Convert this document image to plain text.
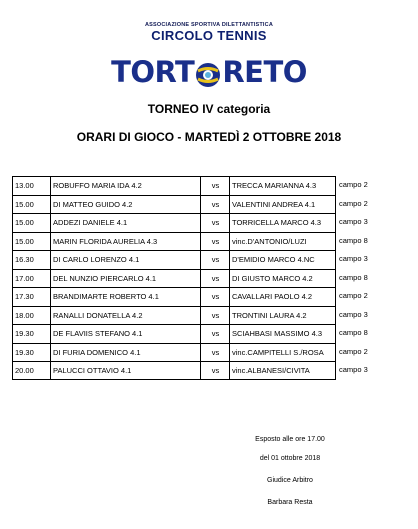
ASSOCIAZIONE SPORTIVA DILETTANTISTICA
CIRCOLO TENNIS
TORT RETO
TORNEO IV categoria
ORARI DI GIOCO - MARTEDÌ 2 OTTOBRE 2018
13.00	ROBUFFO MARIA IDA 4.2	vs	TRECCA MARIANNA 4.3	campo 2
15.00	DI MATTEO GUIDO 4.2	vs	VALENTINI ANDREA 4.1	campo 2
15.00	ADDEZI DANIELE 4.1	vs	TORRICELLA MARCO 4.3	campo 3
15.00	MARIN FLORIDA AURELIA 4.3	vs	vinc.D'ANTONIO/LUZI	campo 8
16.30	DI CARLO LORENZO 4.1	vs	D'EMIDIO MARCO 4.NC	campo 3
17.00	DEL NUNZIO PIERCARLO 4.1	vs	DI GIUSTO MARCO 4.2	campo 8
17.30	BRANDIMARTE ROBERTO 4.1	vs	CAVALLARI PAOLO 4.2	campo 2
18.00	RANALLI DONATELLA 4.2	vs	TRONTINI LAURA 4.2	campo 3
19.30	DE FLAVIIS STEFANO 4.1	vs	SCIAHBASI MASSIMO 4.3	campo 8
19.30	DI FURIA DOMENICO 4.1	vs	vinc.CAMPITELLI S./ROSA	campo 2
20.00	PALUCCI OTTAVIO 4.1	vs	vinc.ALBANESI/CIVITA	campo 3
Esposto alle ore 17.00
del 01 ottobre 2018
Giudice Arbitro
Barbara Resta
